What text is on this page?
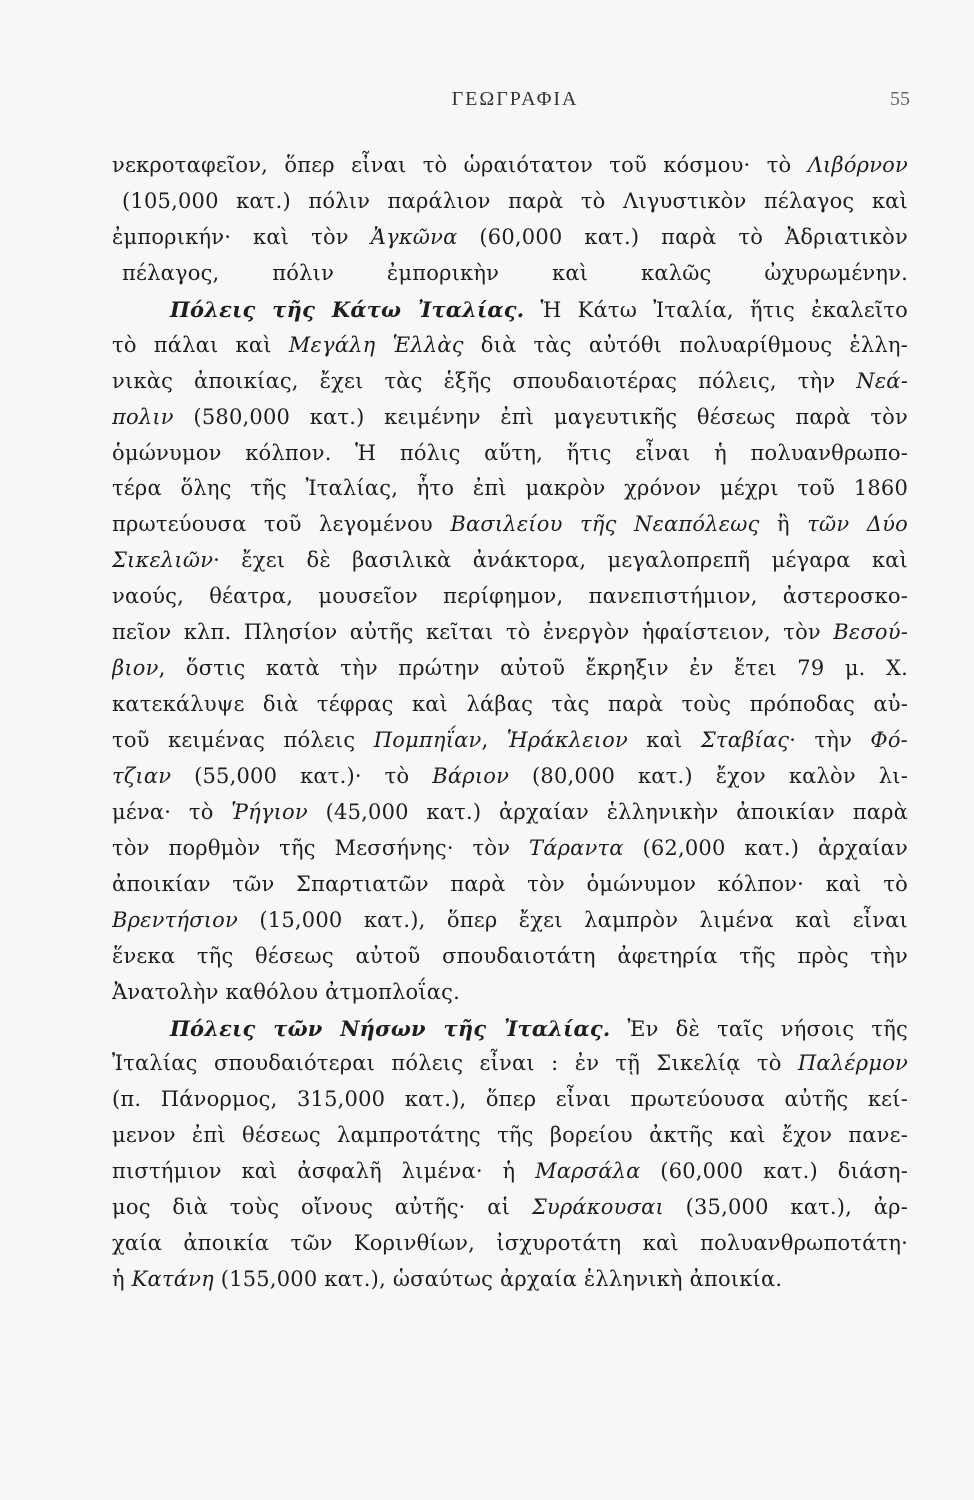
ΓΕΩΓΡΑΦΙΑ	55
νεκροταφεῖον, ὅπερ εἶναι τὸ ὡραιότατον τοῦ κόσμου· τὸ Λιβόρνον
(105,000 κατ.) πόλιν παράλιον παρὰ τὸ Λιγυστικὸν πέλαγος καὶ
ἐμπορικήν· καὶ τὸν Ἀγκῶνα (60,000 κατ.) παρὰ τὸ Ἀδριατικὸν
πέλαγος, πόλιν ἐμπορικὴν καὶ καλῶς ὠχυρωμένην.
Πόλεις τῆς Κάτω Ἰταλίας. Ἡ Κάτω Ἰταλία, ἥτις ἐκαλεῖτο
τὸ πάλαι καὶ Μεγάλη Ἑλλὰς διὰ τὰς αὐτόθι πολυαρίθμους ἑλλη-
νικὰς ἀποικίας, ἔχει τὰς ἑξῆς σπουδαιοτέρας πόλεις, τὴν Νεά-
πολιν (580,000 κατ.) κειμένην ἐπὶ μαγευτικῆς θέσεως παρὰ τὸν
ὁμώνυμον κόλπον. Ἡ πόλις αὕτη, ἥτις εἶναι ἡ πολυανθρωπο-
τέρα ὅλης τῆς Ἰταλίας, ἦτο ἐπὶ μακρὸν χρόνον μέχρι τοῦ 1860
πρωτεύουσα τοῦ λεγομένου Βασιλείου τῆς Νεαπόλεως ἢ τῶν Δύο
Σικελιῶν· ἔχει δὲ βασιλικὰ ἀνάκτορα, μεγαλοπρεπῆ μέγαρα καὶ
ναούς, θέατρα, μουσεῖον περίφημον, πανεπιστήμιον, ἀστεροσκο-
πεῖον κλπ. Πλησίον αὐτῆς κεῖται τὸ ἐνεργὸν ἡφαίστειον, τὸν Βεσού-
βιον, ὅστις κατὰ τὴν πρώτην αὐτοῦ ἔκρηξιν ἐν ἔτει 79 μ. Χ.
κατεκάλυψε διὰ τέφρας καὶ λάβας τὰς παρὰ τοὺς πρόποδας αὐ-
τοῦ κειμένας πόλεις Πομπηΐαν, Ἡράκλειον καὶ Σταβίας· τὴν Φό-
τζιαν (55,000 κατ.)· τὸ Βάριον (80,000 κατ.) ἔχον καλὸν λι-
μένα· τὸ Ῥήγιον (45,000 κατ.) ἀρχαίαν ἑλληνικὴν ἀποικίαν παρὰ
τὸν πορθμὸν τῆς Μεσσήνης· τὸν Τάραντα (62,000 κατ.) ἀρχαίαν
ἀποικίαν τῶν Σπαρτιατῶν παρὰ τὸν ὁμώνυμον κόλπον· καὶ τὸ
Βρεντήσιον (15,000 κατ.), ὅπερ ἔχει λαμπρὸν λιμένα καὶ εἶναι
ἕνεκα τῆς θέσεως αὐτοῦ σπουδαιοτάτη ἀφετηρία τῆς πρὸς τὴν
Ἀνατολὴν καθόλου ἀτμοπλοΐας.
Πόλεις τῶν Νήσων τῆς Ἰταλίας. Ἐν δὲ ταῖς νήσοις τῆς
Ἰταλίας σπουδαιότεραι πόλεις εἶναι : ἐν τῇ Σικελίᾳ τὸ Παλέρμον
(π. Πάνορμος, 315,000 κατ.), ὅπερ εἶναι πρωτεύουσα αὐτῆς κεί-
μενον ἐπὶ θέσεως λαμπροτάτης τῆς βορείου ἀκτῆς καὶ ἔχον πανε-
πιστήμιον καὶ ἀσφαλῆ λιμένα· ἡ Μαρσάλα (60,000 κατ.) διάση-
μος διὰ τοὺς οἴνους αὐτῆς· αἱ Συράκουσαι (35,000 κατ.), ἀρ-
χαία ἀποικία τῶν Κορινθίων, ἰσχυροτάτη καὶ πολυανθρωποτάτη·
ἡ Κατάνη (155,000 κατ.), ὡσαύτως ἀρχαία ἑλληνικὴ ἀποικία.
